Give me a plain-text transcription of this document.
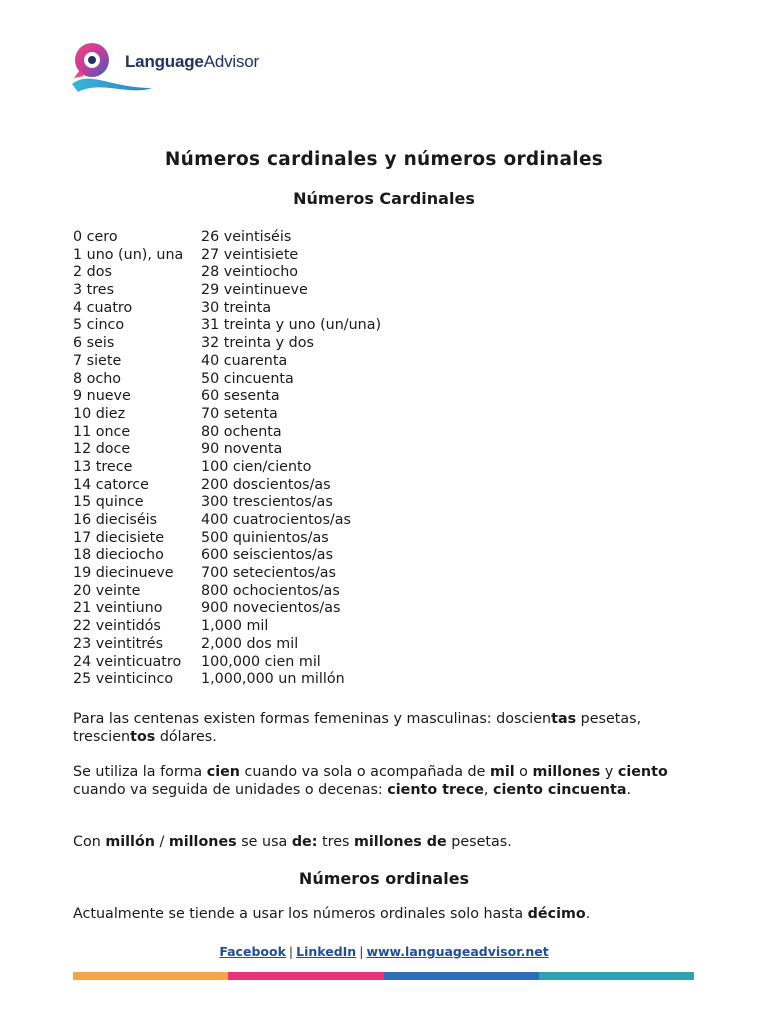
LanguageAdvisor
Números cardinales y números ordinales
Números Cardinales
0 cero
1 uno (un), una
2 dos
3 tres
4 cuatro
5 cinco
6 seis
7 siete
8 ocho
9 nueve
10 diez
11 once
12 doce
13 trece
14 catorce
15 quince
16 dieciséis
17 diecisiete
18 dieciocho
19 diecinueve
20 veinte
21 veintiuno
22 veintidós
23 veintitrés
24 veinticuatro
25 veinticinco
26 veintiséis
27 veintisiete
28 veintiocho
29 veintinueve
30 treinta
31 treinta y uno (un/una)
32 treinta y dos
40 cuarenta
50 cincuenta
60 sesenta
70 setenta
80 ochenta
90 noventa
100 cien/ciento
200 doscientos/as
300 trescientos/as
400 cuatrocientos/as
500 quinientos/as
600 seiscientos/as
700 setecientos/as
800 ochocientos/as
900 novecientos/as
1,000 mil
2,000 dos mil
100,000 cien mil
1,000,000 un millón

Para las centenas existen formas femeninas y masculinas: doscientas pesetas, trescientos dólares.

Se utiliza la forma cien cuando va sola o acompañada de mil o millones y ciento cuando va seguida de unidades o decenas: ciento trece, ciento cincuenta.

Con millón / millones se usa de: tres millones de pesetas.

Números ordinales

Actualmente se tiende a usar los números ordinales solo hasta décimo.

Facebook | LinkedIn | www.languageadvisor.net
